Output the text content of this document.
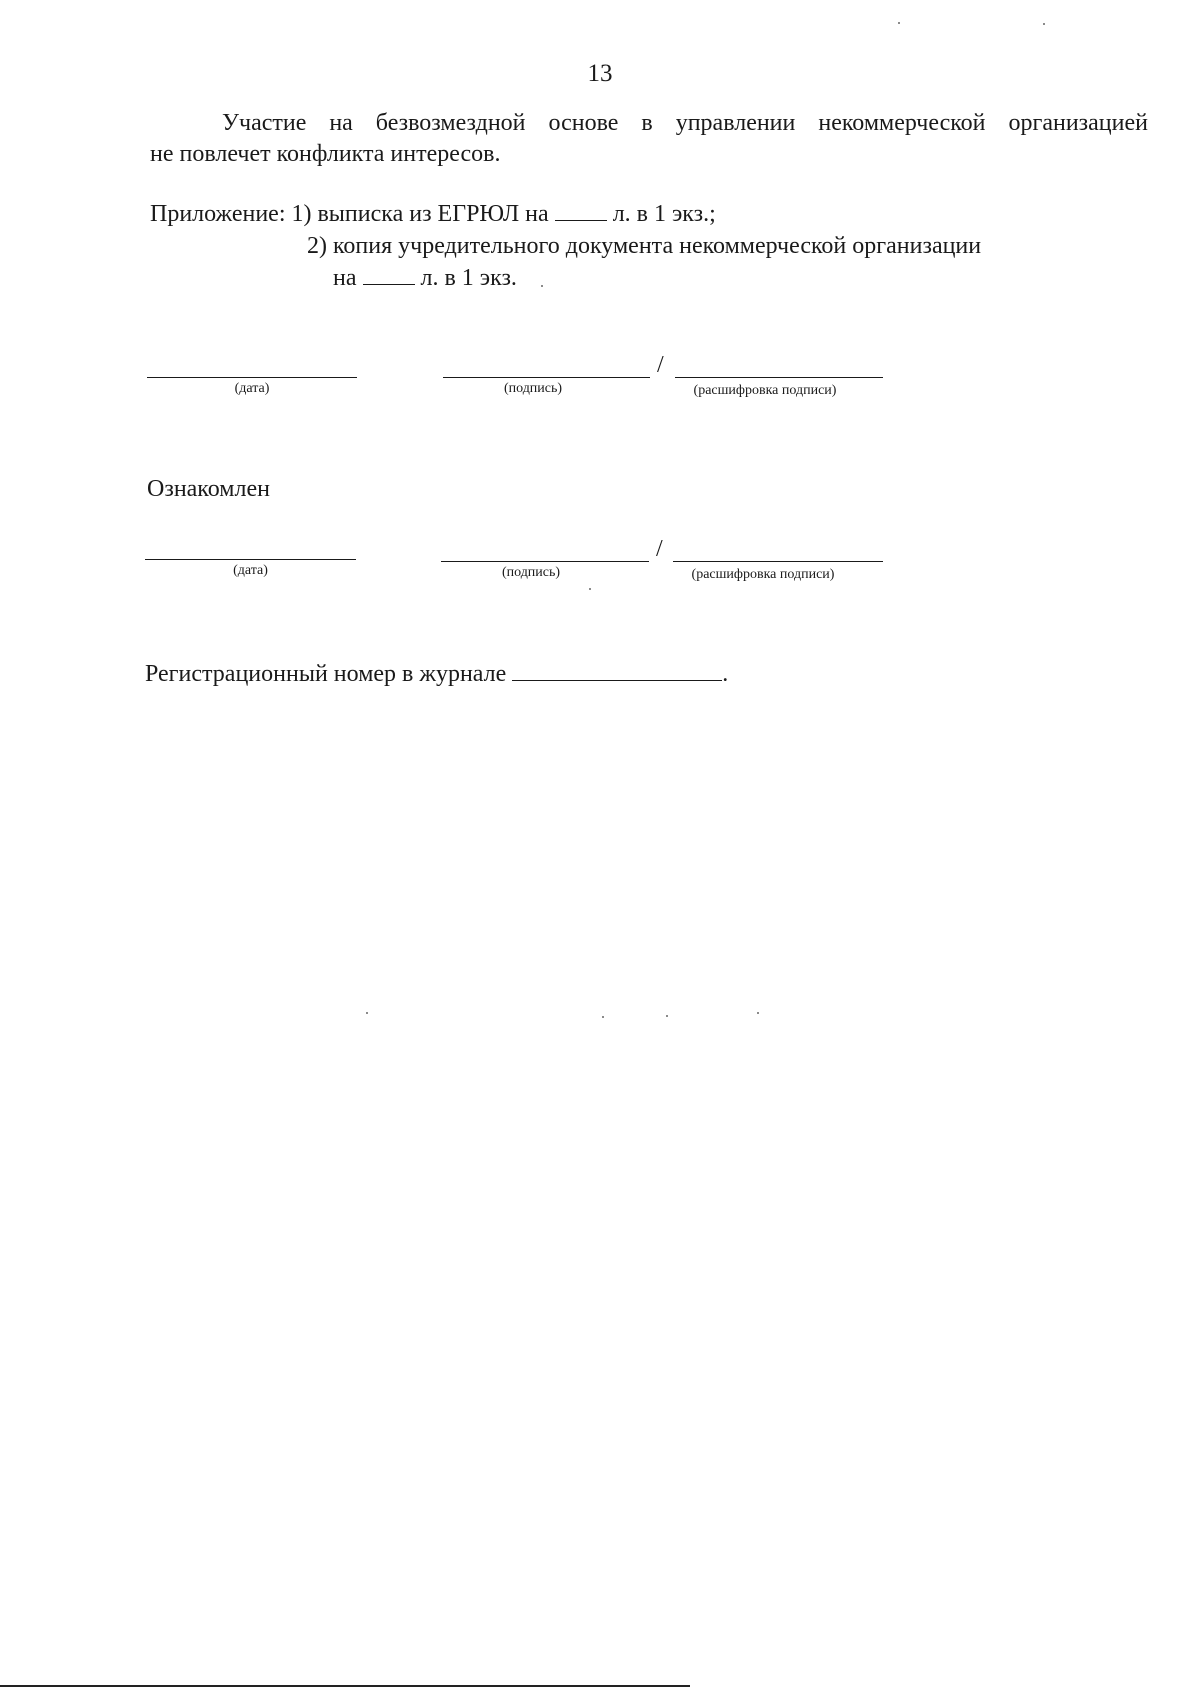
13
Участие на безвозмездной основе в управлении некоммерческой организацией
не повлечет конфликта интересов.
Приложение: 1) выписка из ЕГРЮЛ на	л. в 1 экз.;
2) копия учредительного документа некоммерческой организации
на	л. в 1 экз.
(дата)	(подпись)
/
(расшифровка подписи)
Ознакомлен
(дата)	(подпись)
/
(расшифровка подписи)
Регистрационный номер в журнале	.
